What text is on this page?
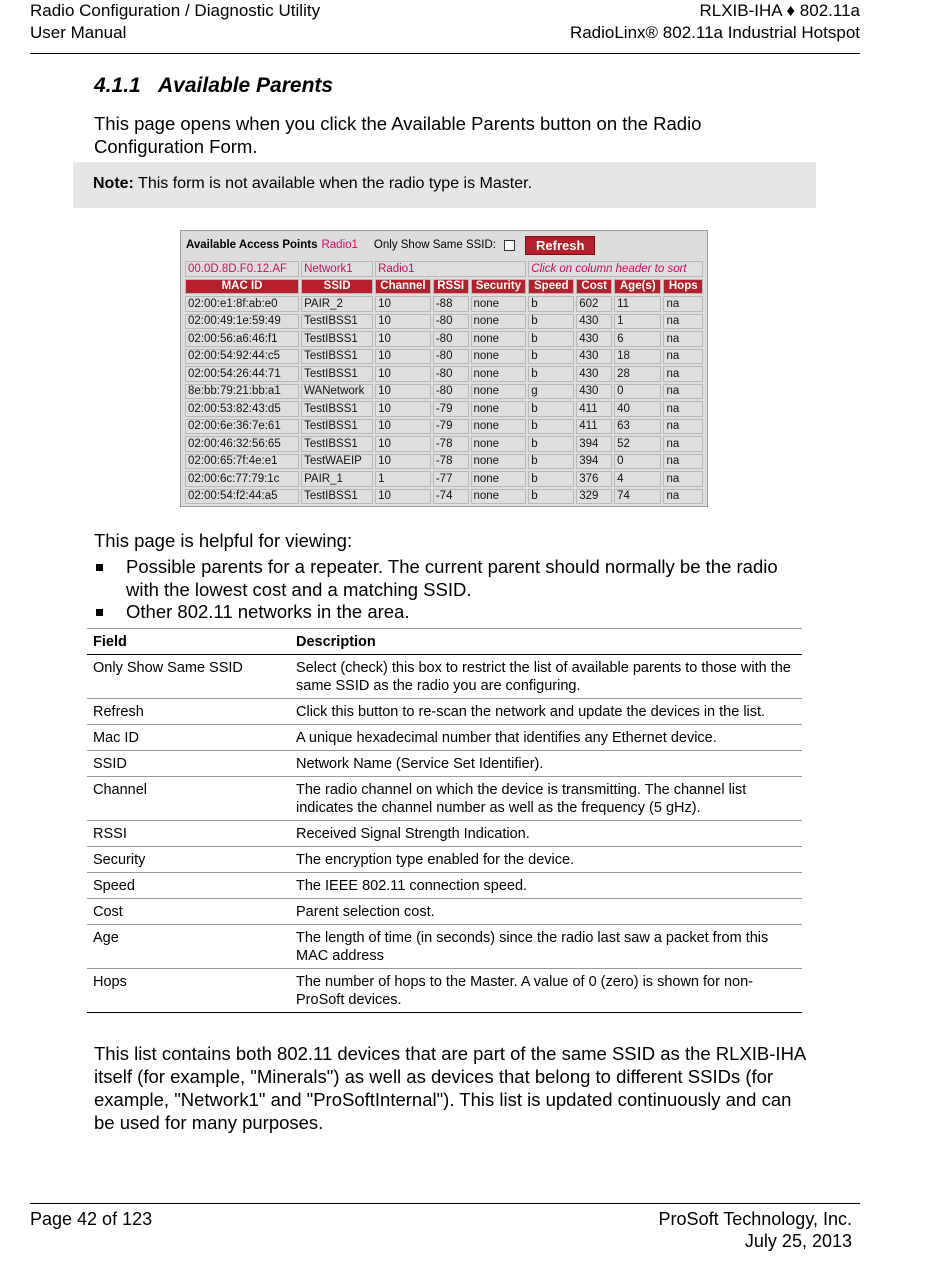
Radio Configuration / Diagnostic Utility
User Manual
RLXIB-IHA ♦ 802.11a
RadioLinx® 802.11a Industrial Hotspot
4.1.1 Available Parents
This page opens when you click the Available Parents button on the Radio Configuration Form.
Note: This form is not available when the radio type is Master.
Available Access Points Radio1 Only Show Same SSID:	Refresh
00.0D.8D.F0.12.AF	Network1	Radio1			Click on column header to sort			
MAC ID	SSID	Channel	RSSI	Security	Speed	Cost	Age(s)	Hops
02:00:e1:8f:ab:e0	PAIR_2	10	-88	none	b	602	11	na
02:00:49:1e:59:49	TestIBSS1	10	-80	none	b	430	1	na
02:00:56:a6:46:f1	TestIBSS1	10	-80	none	b	430	6	na
02:00:54:92:44:c5	TestIBSS1	10	-80	none	b	430	18	na
02:00:54:26:44:71	TestIBSS1	10	-80	none	b	430	28	na
8e:bb:79:21:bb:a1	WANetwork	10	-80	none	g	430	0	na
02:00:53:82:43:d5	TestIBSS1	10	-79	none	b	411	40	na
02:00:6e:36:7e:61	TestIBSS1	10	-79	none	b	411	63	na
02:00:46:32:56:65	TestIBSS1	10	-78	none	b	394	52	na
02:00:65:7f:4e:e1	TestWAEIP	10	-78	none	b	394	0	na
02:00:6c:77:79:1c	PAIR_1	1	-77	none	b	376	4	na
02:00:54:f2:44:a5	TestIBSS1	10	-74	none	b	329	74	na
This page is helpful for viewing:
Possible parents for a repeater. The current parent should normally be the radio with the lowest cost and a matching SSID.
Other 802.11 networks in the area.
Field	Description
Only Show Same SSID	Select (check) this box to restrict the list of available parents to those with the same SSID as the radio you are configuring.
Refresh	Click this button to re-scan the network and update the devices in the list.
Mac ID	A unique hexadecimal number that identifies any Ethernet device.
SSID	Network Name (Service Set Identifier).
Channel	The radio channel on which the device is transmitting. The channel list indicates the channel number as well as the frequency (5 gHz).
RSSI	Received Signal Strength Indication.
Security	The encryption type enabled for the device.
Speed	The IEEE 802.11 connection speed.
Cost	Parent selection cost.
Age	The length of time (in seconds) since the radio last saw a packet from this MAC address
Hops	The number of hops to the Master. A value of 0 (zero) is shown for non-ProSoft devices.
This list contains both 802.11 devices that are part of the same SSID as the RLXIB-IHA itself (for example, "Minerals") as well as devices that belong to different SSIDs (for example, "Network1" and "ProSoftInternal"). This list is updated continuously and can be used for many purposes.
Page 42 of 123	ProSoft Technology, Inc.
July 25, 2013
